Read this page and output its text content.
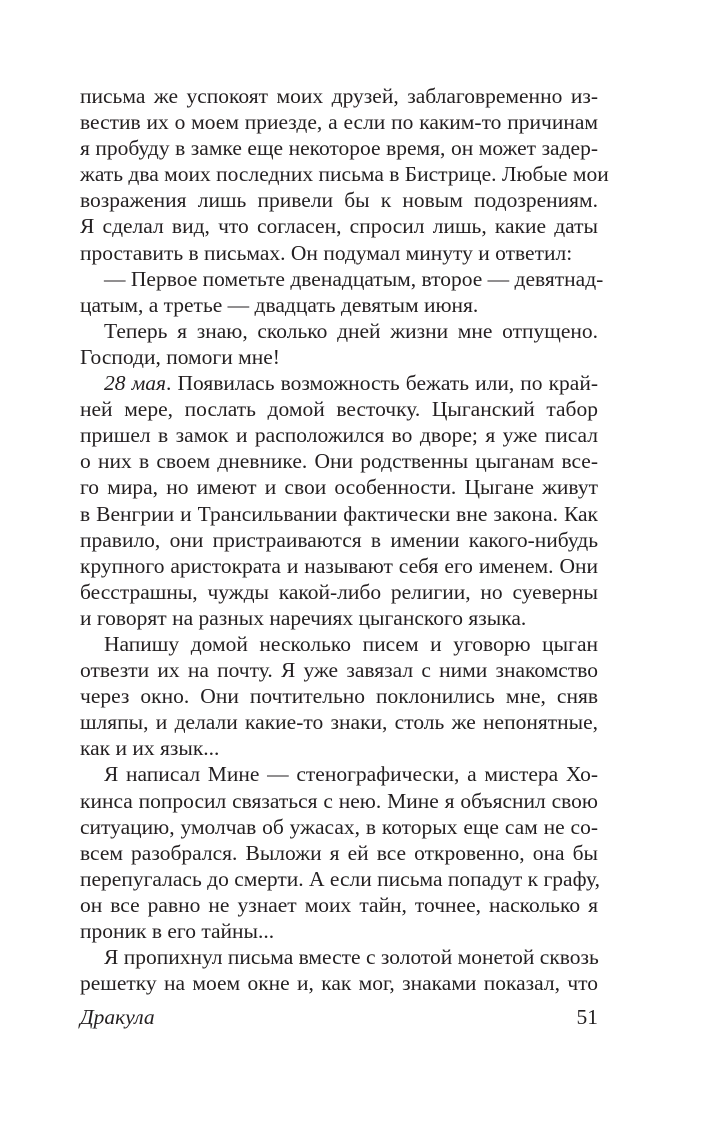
письма же успокоят моих друзей, заблаговременно из-
вестив их о моем приезде, а если по каким-то причинам
я пробуду в замке еще некоторое время, он может задер-
жать два моих последних письма в Бистрице. Любые мои
возражения лишь привели бы к новым подозрениям.
Я сделал вид, что согласен, спросил лишь, какие даты
проставить в письмах. Он подумал минуту и ответил:
— Первое пометьте двенадцатым, второе — девятнад-
цатым, а третье — двадцать девятым июня.
Теперь я знаю, сколько дней жизни мне отпущено.
Господи, помоги мне!
28 мая. Появилась возможность бежать или, по край-
ней мере, послать домой весточку. Цыганский табор
пришел в замок и расположился во дворе; я уже писал
о них в своем дневнике. Они родственны цыганам все-
го мира, но имеют и свои особенности. Цыгане живут
в Венгрии и Трансильвании фактически вне закона. Как
правило, они пристраиваются в имении какого-нибудь
крупного аристократа и называют себя его именем. Они
бесстрашны, чужды какой-либо религии, но суеверны
и говорят на разных наречиях цыганского языка.
Напишу домой несколько писем и уговорю цыган
отвезти их на почту. Я уже завязал с ними знакомство
через окно. Они почтительно поклонились мне, сняв
шляпы, и делали какие-то знаки, столь же непонятные,
как и их язык...
Я написал Мине — стенографически, а мистера Хо-
кинса попросил связаться с нею. Мине я объяснил свою
ситуацию, умолчав об ужасах, в которых еще сам не со-
всем разобрался. Выложи я ей все откровенно, она бы
перепугалась до смерти. А если письма попадут к графу,
он все равно не узнает моих тайн, точнее, насколько я
проник в его тайны...
Я пропихнул письма вместе с золотой монетой сквозь
решетку на моем окне и, как мог, знаками показал, что
Дракула	51
